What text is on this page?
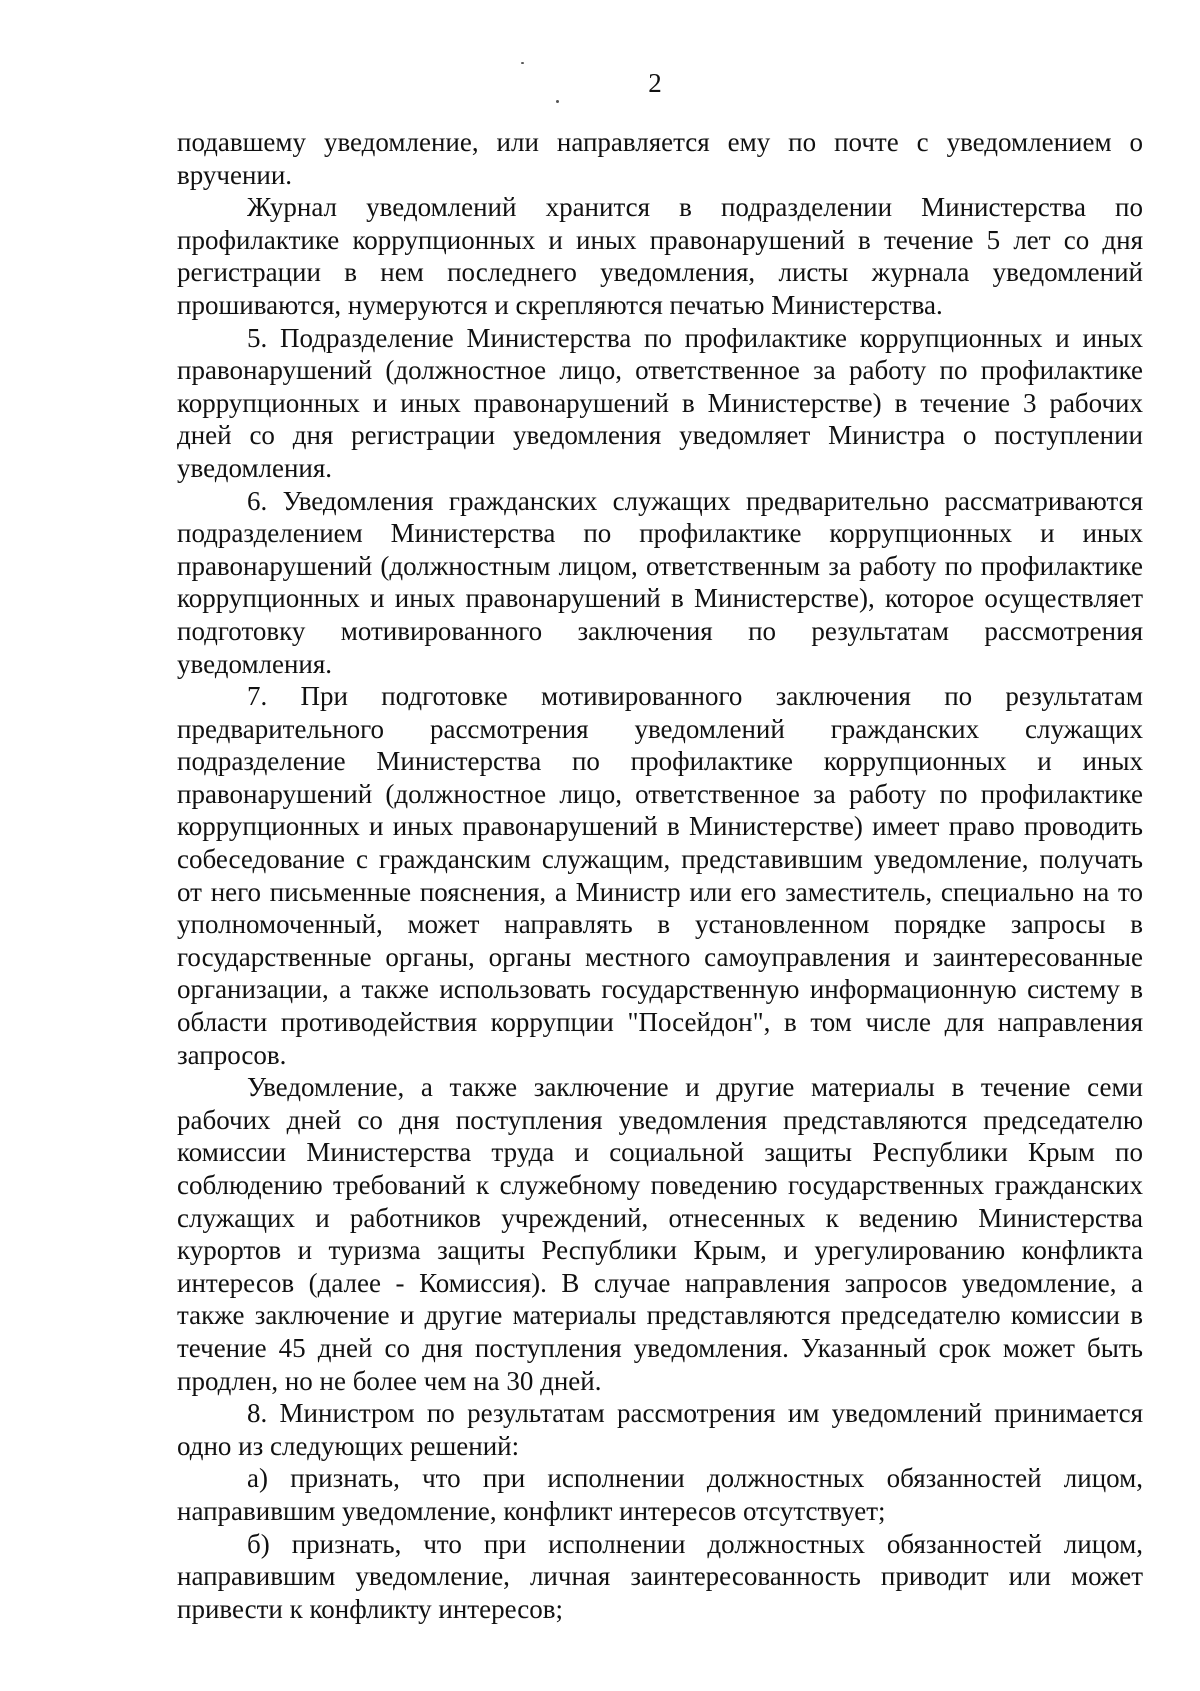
2

подавшему уведомление, или направляется ему по почте с уведомлением о вручении.

Журнал уведомлений хранится в подразделении Министерства по профилактике коррупционных и иных правонарушений в течение 5 лет со дня регистрации в нем последнего уведомления, листы журнала уведомлений прошиваются, нумеруются и скрепляются печатью Министерства.

5. Подразделение Министерства по профилактике коррупционных и иных правонарушений (должностное лицо, ответственное за работу по профилактике коррупционных и иных правонарушений в Министерстве) в течение 3 рабочих дней со дня регистрации уведомления уведомляет Министра о поступлении уведомления.

6. Уведомления гражданских служащих предварительно рассматриваются подразделением Министерства по профилактике коррупционных и иных правонарушений (должностным лицом, ответственным за работу по профилактике коррупционных и иных правонарушений в Министерстве), которое осуществляет подготовку мотивированного заключения по результатам рассмотрения уведомления.

7. При подготовке мотивированного заключения по результатам предварительного рассмотрения уведомлений гражданских служащих подразделение Министерства по профилактике коррупционных и иных правонарушений (должностное лицо, ответственное за работу по профилактике коррупционных и иных правонарушений в Министерстве) имеет право проводить собеседование с гражданским служащим, представившим уведомление, получать от него письменные пояснения, а Министр или его заместитель, специально на то уполномоченный, может направлять в установленном порядке запросы в государственные органы, органы местного самоуправления и заинтересованные организации, а также использовать государственную информационную систему в области противодействия коррупции "Посейдон", в том числе для направления запросов.

Уведомление, а также заключение и другие материалы в течение семи рабочих дней со дня поступления уведомления представляются председателю комиссии Министерства труда и социальной защиты Республики Крым по соблюдению требований к служебному поведению государственных гражданских служащих и работников учреждений, отнесенных к ведению Министерства курортов и туризма защиты Республики Крым, и урегулированию конфликта интересов (далее - Комиссия). В случае направления запросов уведомление, а также заключение и другие материалы представляются председателю комиссии в течение 45 дней со дня поступления уведомления. Указанный срок может быть продлен, но не более чем на 30 дней.

8. Министром по результатам рассмотрения им уведомлений принимается одно из следующих решений:

а) признать, что при исполнении должностных обязанностей лицом, направившим уведомление, конфликт интересов отсутствует;

б) признать, что при исполнении должностных обязанностей лицом, направившим уведомление, личная заинтересованность приводит или может привести к конфликту интересов;
